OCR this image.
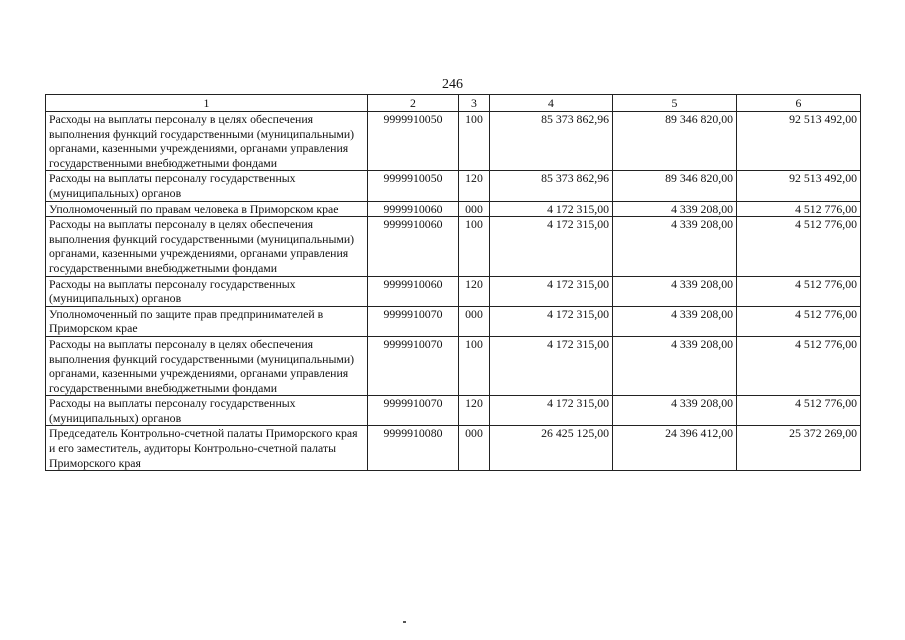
246
1	2	3	4	5	6
Расходы на выплаты персоналу в целях обеспечения выполнения функций государственными (муниципальными) органами, казенными учреждениями, органами управления государственными внебюджетными фондами	9999910050	100	85 373 862,96	89 346 820,00	92 513 492,00
Расходы на выплаты персоналу государственных (муниципальных) органов	9999910050	120	85 373 862,96	89 346 820,00	92 513 492,00
Уполномоченный по правам человека в Приморском крае	9999910060	000	4 172 315,00	4 339 208,00	4 512 776,00
Расходы на выплаты персоналу в целях обеспечения выполнения функций государственными (муниципальными) органами, казенными учреждениями, органами управления государственными внебюджетными фондами	9999910060	100	4 172 315,00	4 339 208,00	4 512 776,00
Расходы на выплаты персоналу государственных (муниципальных) органов	9999910060	120	4 172 315,00	4 339 208,00	4 512 776,00
Уполномоченный по защите прав предпринимателей в Приморском крае	9999910070	000	4 172 315,00	4 339 208,00	4 512 776,00
Расходы на выплаты персоналу в целях обеспечения выполнения функций государственными (муниципальными) органами, казенными учреждениями, органами управления государственными внебюджетными фондами	9999910070	100	4 172 315,00	4 339 208,00	4 512 776,00
Расходы на выплаты персоналу государственных (муниципальных) органов	9999910070	120	4 172 315,00	4 339 208,00	4 512 776,00
Председатель Контрольно-счетной палаты Приморского края и его заместитель, аудиторы Контрольно-счетной палаты Приморского края	9999910080	000	26 425 125,00	24 396 412,00	25 372 269,00
